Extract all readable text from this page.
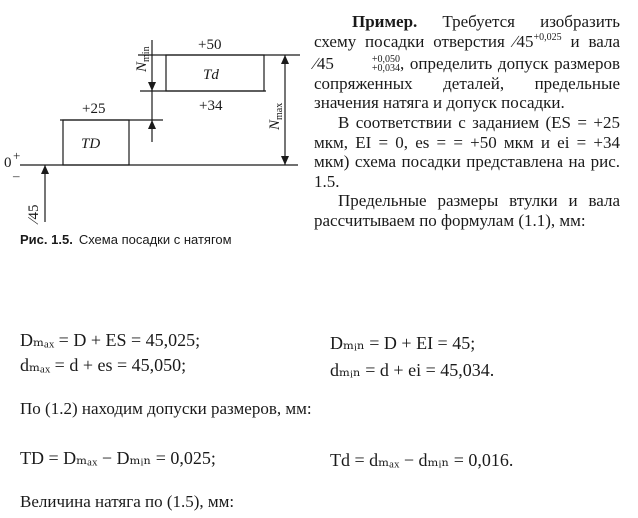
+50
Td
+34
+25
TD
0 +
–
∕45
$N_{min}$
$N_{max}$
Рис. 1.5. Схема посадки с натягом

Пример. Требуется изобразить схему посадки отверстия $∕45^{+0,025}$ и вала ∕45	+0,050
+0,034 , определить допуск размеров сопряженных деталей, предельные значения натяга и допуск посадки.

В соответствии с заданием (ES = +25 мкм, EI = 0, es = = +50 мкм и ei = +34 мкм) схема посадки представлена на рис. 1.5.

Предельные размеры втулки и вала рассчитываем по формулам (1.1), мм:

Dₘₐₓ = D + ES = 45,025;
dₘₐₓ = d + es = 45,050;
Dₘᵢₙ = D + EI = 45;
dₘᵢₙ = d + ei = 45,034.
По (1.2) находим допуски размеров, мм:
TD = Dₘₐₓ − Dₘᵢₙ = 0,025;	Td = dₘₐₓ − dₘᵢₙ = 0,016.
Величина натяга по (1.5), мм:
